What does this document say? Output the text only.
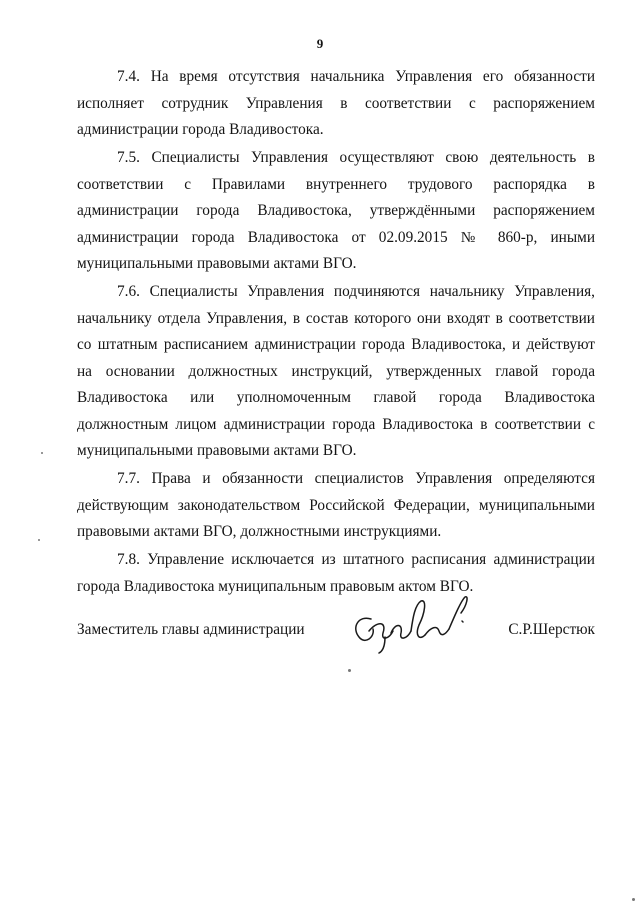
9

7.4. На время отсутствия начальника Управления его обязанности исполняет сотрудник Управления в соответствии с распоряжением администрации города Владивостока.

7.5. Специалисты Управления осуществляют свою деятельность в соответствии с Правилами внутреннего трудового распорядка в администрации города Владивостока, утверждёнными распоряжением администрации города Владивостока от 02.09.2015 № 860-р, иными муниципальными правовыми актами ВГО.

7.6. Специалисты Управления подчиняются начальнику Управления, начальнику отдела Управления, в состав которого они входят в соответствии со штатным расписанием администрации города Владивостока, и действуют на основании должностных инструкций, утвержденных главой города Владивостока или уполномоченным главой города Владивостока должностным лицом администрации города Владивостока в соответствии с муниципальными правовыми актами ВГО.

7.7. Права и обязанности специалистов Управления определяются действующим законодательством Российской Федерации, муниципальными правовыми актами ВГО, должностными инструкциями.

7.8. Управление исключается из штатного расписания администрации города Владивостока муниципальным правовым актом ВГО.

Заместитель главы администрации	С.Р.Шерстюк
